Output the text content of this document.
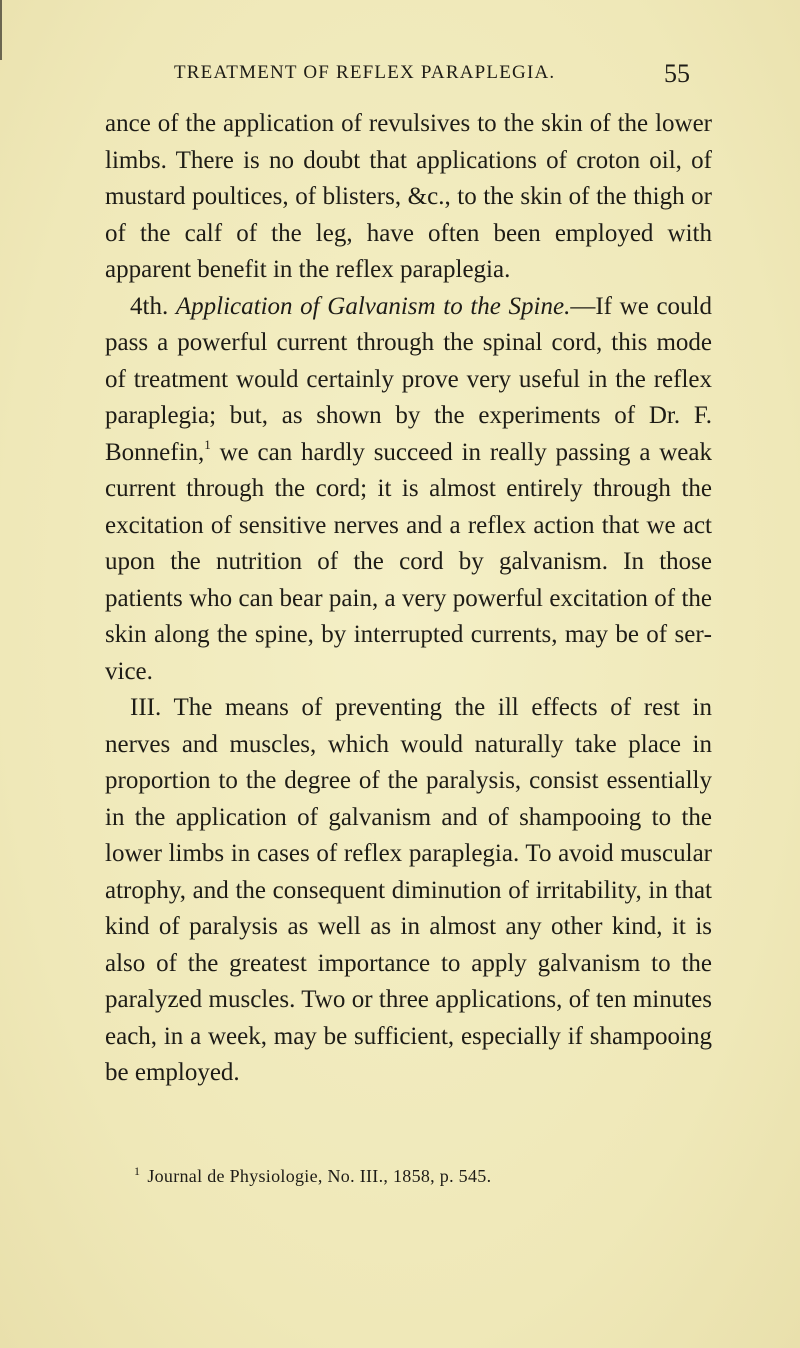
TREATMENT OF REFLEX PARAPLEGIA.	55

ance of the application of revulsives to the skin of the lower limbs. There is no doubt that applications of croton oil, of mustard poultices, of blisters, &c., to the skin of the thigh or of the calf of the leg, have often been employed with apparent benefit in the reflex paraplegia.

4th. Application of Galvanism to the Spine.—If we could pass a powerful current through the spinal cord, this mode of treatment would certainly prove very useful in the reflex paraplegia; but, as shown by the experiments of Dr. F. Bonnefin,$^1$ we can hardly succeed in really passing a weak current through the cord; it is almost entirely through the excitation of sensitive nerves and a reflex action that we act upon the nutrition of the cord by galvanism. In those patients who can bear pain, a very powerful excitation of the skin along the spine, by interrupted currents, may be of service.

III. The means of preventing the ill effects of rest in nerves and muscles, which would naturally take place in proportion to the degree of the paralysis, consist essentially in the application of galvanism and of shampooing to the lower limbs in cases of reflex paraplegia. To avoid muscular atrophy, and the consequent diminution of irritability, in that kind of paralysis as well as in almost any other kind, it is also of the greatest importance to apply galvanism to the paralyzed muscles. Two or three applications, of ten minutes each, in a week, may be sufficient, especially if shampooing be employed.

$^1$ Journal de Physiologie, No. III., 1858, p. 545.
